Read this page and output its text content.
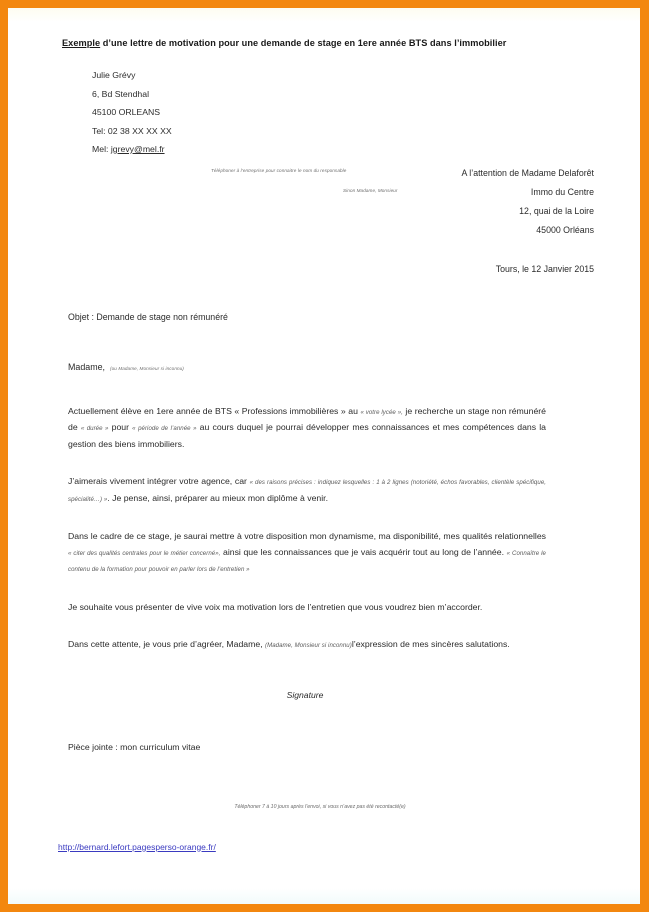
Exemple d’une lettre de motivation pour une demande de stage en 1ere année BTS dans l’immobilier
Julie Grévy
6, Bd Stendhal
45100 ORLEANS
Tel: 02 38 XX XX XX
Mel: jgrevy@mel.fr
Téléphoner à l’entreprise pour connaitre le nom du responsable
Sinon Madame, Monsieur
A l’attention de Madame Delaforêt
Immo du Centre
12, quai de la Loire
45000 Orléans
Tours, le 12 Janvier 2015
Objet : Demande de stage non rémunéré
Madame, (ou Madame, Monsieur si inconnu)

Actuellement élève en 1ere année de BTS « Professions immobilières » au « votre lycée », je recherche un stage non rémunéré de « durée » pour « période de l’année » au cours duquel je pourrai développer mes connaissances et mes compétences dans la gestion des biens immobiliers.

J’aimerais vivement intégrer votre agence, car « des raisons précises : indiquez lesquelles : 1 à 2 lignes (notoriété, échos favorables, clientèle spécifique, spécialité…) ». Je pense, ainsi, préparer au mieux mon diplôme à venir.

Dans le cadre de ce stage, je saurai mettre à votre disposition mon dynamisme, ma disponibilité, mes qualités relationnelles « citer des qualités centrales pour le métier concerné», ainsi que les connaissances que je vais acquérir tout au long de l’année. « Connaître le contenu de la formation pour pouvoir en parler lors de l’entretien »

Je souhaite vous présenter de vive voix ma motivation lors de l’entretien que vous voudrez bien m’accorder.

Dans cette attente, je vous prie d’agréer, Madame, (Madame, Monsieur si inconnu)l’expression de mes sincères salutations.

Signature
Pièce jointe : mon curriculum vitae
Téléphoner 7 à 10 jours après l’envoi, si vous n’avez pas été recontacté(e)
http://bernard.lefort.pagesperso-orange.fr/
